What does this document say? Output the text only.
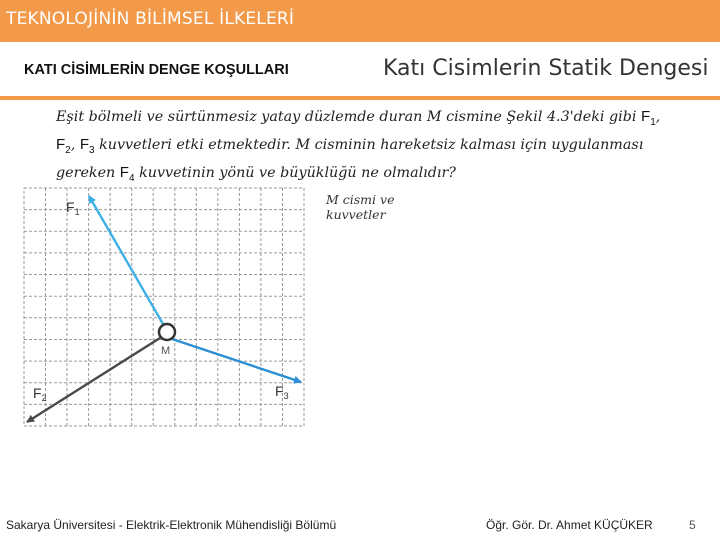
TEKNOLOJİNİN BİLİMSEL İLKELERİ
KATI CİSİMLERİN DENGE KOŞULLARI	Katı Cisimlerin Statik Dengesi
Eşit bölmeli ve sürtünmesiz yatay düzlemde duran M cismine Şekil 4.3'deki gibi $F_1$, $F_2$, $F_3$ kuvvetleri etki etmektedir. M cisminin hareketsiz kalması için uygulanması gereken $F_4$ kuvvetinin yönü ve büyüklüğü ne olmalıdır?
M
$F_1$
$F_2$	$F_3$
M cismi ve
kuvvetler
Sakarya Üniversitesi - Elektrik-Elektronik Mühendisliği Bölümü	Öğr. Gör. Dr. Ahmet KÜÇÜKER	5
